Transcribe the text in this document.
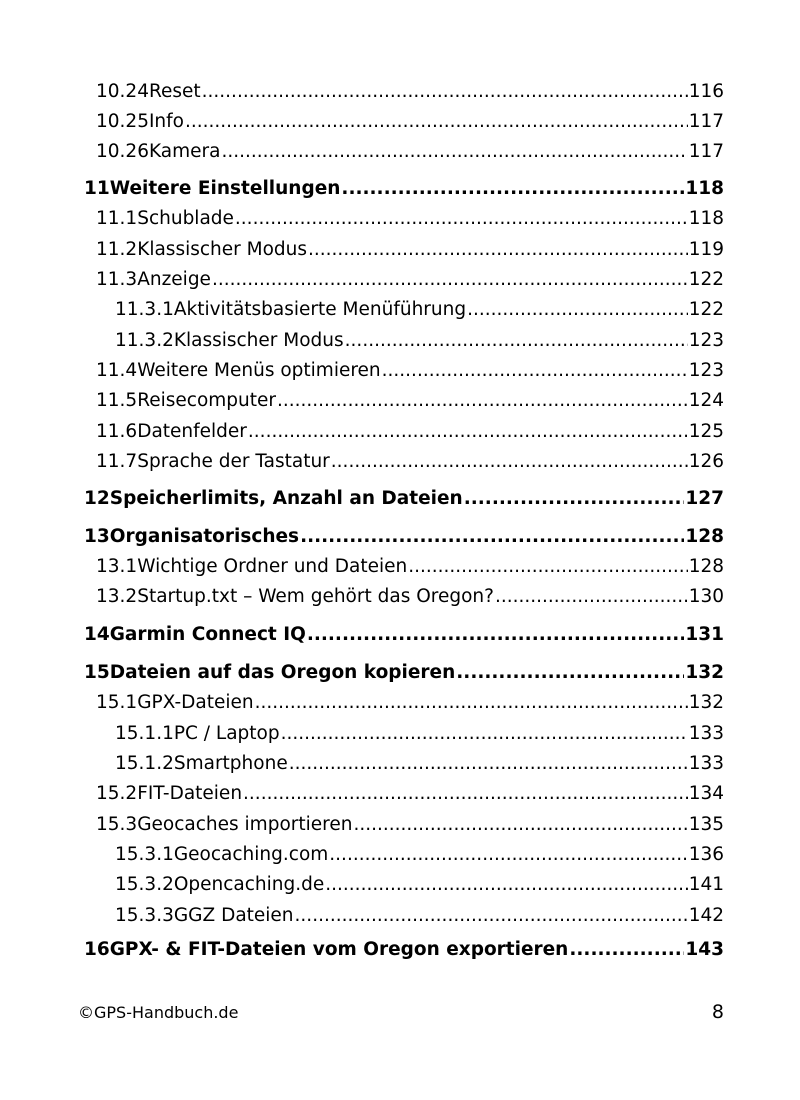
10.24 Reset .....	116
10.25 Info .....	117
10.26 Kamera .....	117
11 Weitere Einstellungen .....	118
11.1 Schublade .....	118
11.2 Klassischer Modus .....	119
11.3 Anzeige .....	122
11.3.1 Aktivitätsbasierte Menüführung .....	122
11.3.2 Klassischer Modus .....	123
11.4 Weitere Menüs optimieren .....	123
11.5 Reisecomputer .....	124
11.6 Datenfelder .....	125
11.7 Sprache der Tastatur .....	126
12 Speicherlimits, Anzahl an Dateien .....	127
13 Organisatorisches .....	128
13.1 Wichtige Ordner und Dateien .....	128
13.2 Startup.txt – Wem gehört das Oregon? .....	130
14 Garmin Connect IQ .....	131
15 Dateien auf das Oregon kopieren .....	132
15.1 GPX-Dateien .....	132
15.1.1 PC / Laptop .....	133
15.1.2 Smartphone .....	133
15.2 FIT-Dateien .....	134
15.3 Geocaches importieren .....	135
15.3.1 Geocaching.com .....	136
15.3.2 Opencaching.de .....	141
15.3.3 GGZ Dateien .....	142
16 GPX- & FIT-Dateien vom Oregon exportieren .....	143
©GPS-Handbuch.de	8
